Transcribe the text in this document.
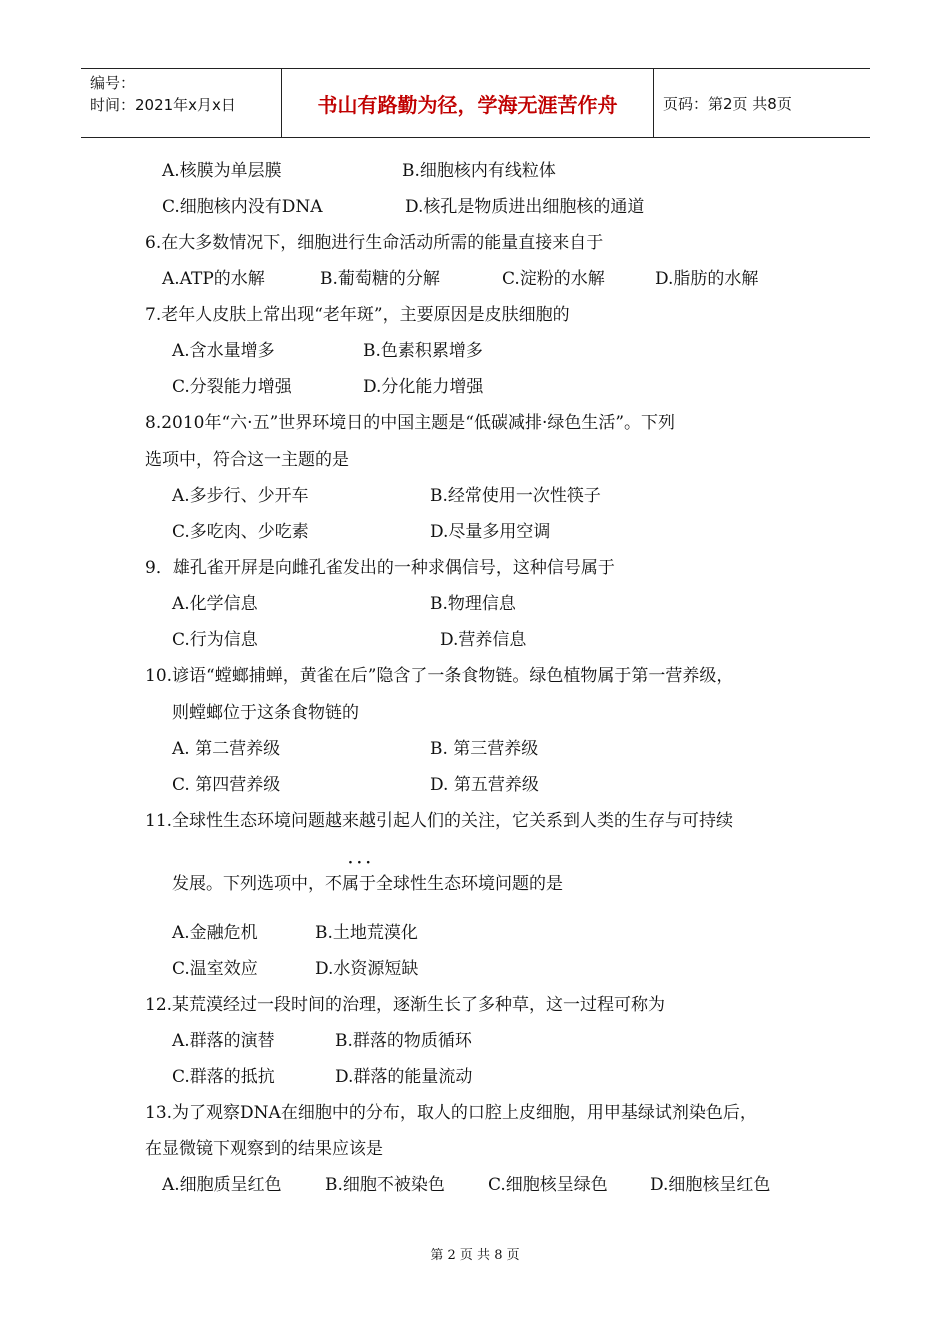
编号：
时间：2021年x月x日	书山有路勤为径，学海无涯苦作舟	页码：第2页 共8页
A.核膜为单层膜	B.细胞核内有线粒体
C.细胞核内没有DNA	D.核孔是物质进出细胞核的通道
6.在大多数情况下，细胞进行生命活动所需的能量直接来自于
A.ATP的水解	B.葡萄糖的分解	C.淀粉的水解	D.脂肪的水解
7.老年人皮肤上常出现“老年斑”，主要原因是皮肤细胞的
A.含水量增多	B.色素积累增多
C.分裂能力增强	D.分化能力增强
8.2010年“六·五”世界环境日的中国主题是“低碳减排·绿色生活”。下列
选项中，符合这一主题的是
A.多步行、少开车	B.经常使用一次性筷子
C.多吃肉、少吃素	D.尽量多用空调
9．雄孔雀开屏是向雌孔雀发出的一种求偶信号，这种信号属于
A.化学信息	B.物理信息
C.行为信息	D.营养信息
10.谚语“螳螂捕蝉，黄雀在后”隐含了一条食物链。绿色植物属于第一营养级，
则螳螂位于这条食物链的
A. 第二营养级	B. 第三营养级
C. 第四营养级	D. 第五营养级
11.全球性生态环境问题越来越引起人们的关注，它关系到人类的生存与可持续
···
发展。下列选项中，不属于全球性生态环境问题的是
A.金融危机	B.土地荒漠化
C.温室效应	D.水资源短缺
12.某荒漠经过一段时间的治理，逐渐生长了多种草，这一过程可称为
A.群落的演替	B.群落的物质循环
C.群落的抵抗	D.群落的能量流动
13.为了观察DNA在细胞中的分布，取人的口腔上皮细胞，用甲基绿试剂染色后，
在显微镜下观察到的结果应该是
A.细胞质呈红色	B.细胞不被染色	C.细胞核呈绿色 D.细胞核呈红色
第 2 页 共 8 页
